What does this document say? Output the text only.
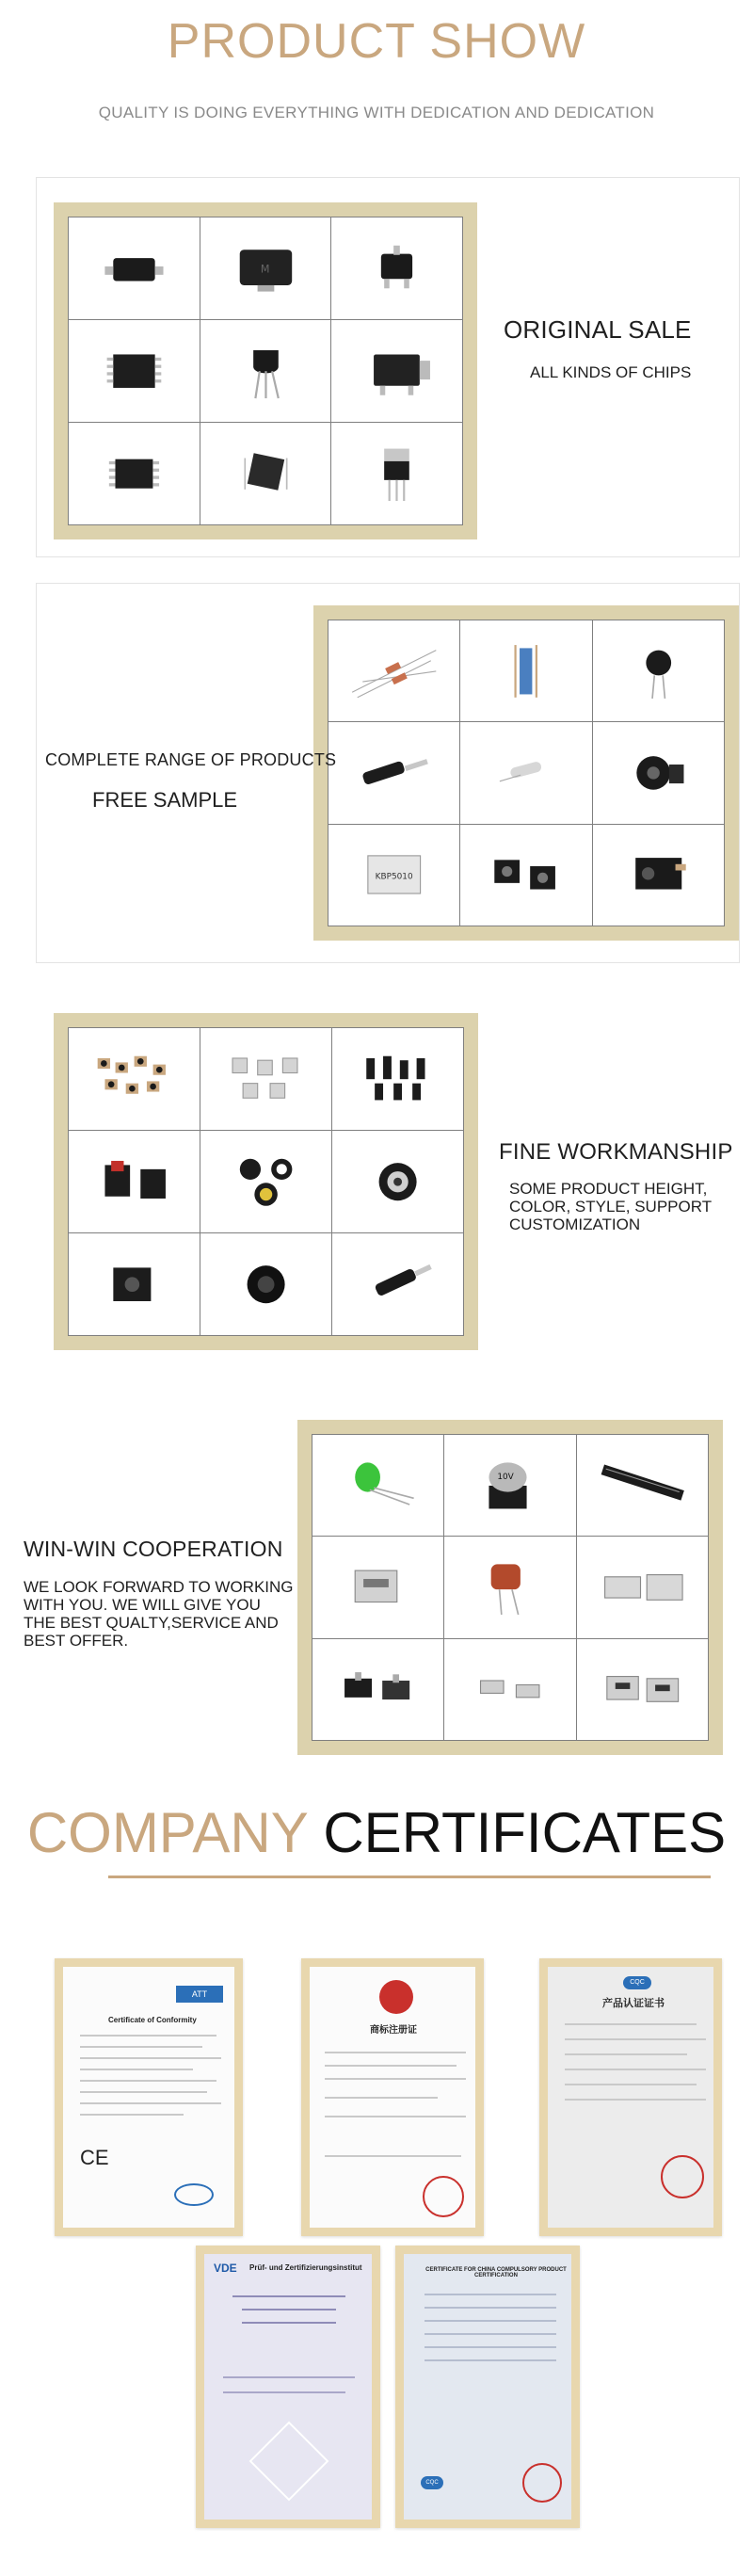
PRODUCT SHOW
QUALITY IS DOING EVERYTHING WITH DEDICATION AND DEDICATION
M
ORIGINAL SALE
ALL KINDS OF CHIPS
KBP5010
COMPLETE RANGE OF PRODUCTS
FREE SAMPLE
FINE WORKMANSHIP
SOME PRODUCT HEIGHT, COLOR, STYLE, SUPPORT CUSTOMIZATION
10V
WIN-WIN COOPERATION
WE LOOK FORWARD TO WORKING WITH YOU. WE WILL GIVE YOU THE BEST QUALTY,SERVICE AND BEST OFFER.
COMPANY CERTIFICATES
ATT
Certificate of Conformity
CE
商标注册证
CQC
产品认证证书
VDE Prüf- und Zertifizierungsinstitut	CERTIFICATE FOR CHINA COMPULSORY PRODUCT CERTIFICATION
CQC
